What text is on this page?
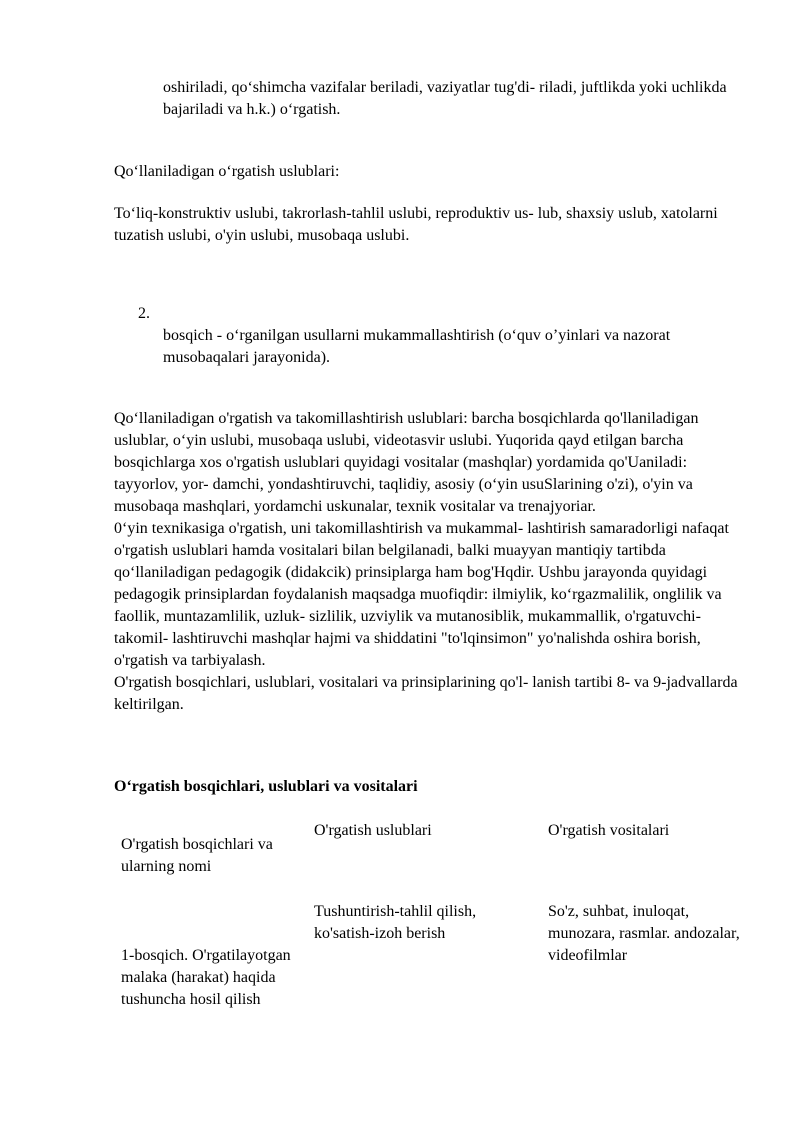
oshiriladi, qo‘shimcha vazifalar beriladi, vaziyatlar tug'di- riladi, juftlikda yoki uchlikda bajariladi va h.k.) o‘rgatish.

Qo‘llaniladigan o‘rgatish uslublari:

To‘liq-konstruktiv uslubi, takrorlash-tahlil uslubi, reproduktiv us- lub, shaxsiy uslub, xatolarni tuzatish uslubi, o'yin uslubi, musobaqa uslubi.

2.

bosqich - o‘rganilgan usullarni mukammallashtirish (o‘quv o’yinlari va nazorat musobaqalari jarayonida).

Qo‘llaniladigan o'rgatish va takomillashtirish uslublari: barcha bosqichlarda qo'llaniladigan uslublar, o‘yin uslubi, musobaqa uslubi, videotasvir uslubi. Yuqorida qayd etilgan barcha bosqichlarga xos o'rgatish uslublari quyidagi vositalar (mashqlar) yordamida qo'Uaniladi: tayyorlov, yor- damchi, yondashtiruvchi, taqlidiy, asosiy (o‘yin usuSlarining o'zi), o'yin va musobaqa mashqlari, yordamchi uskunalar, texnik vositalar va trenajyoriar.
0‘yin texnikasiga o'rgatish, uni takomillashtirish va mukammal- lashtirish samaradorligi nafaqat o'rgatish uslublari hamda vositalari bilan belgilanadi, balki muayyan mantiqiy tartibda qo‘llaniladigan pedagogik (didakcik) prinsiplarga ham bog'Hqdir. Ushbu jarayonda quyidagi pedagogik prinsiplardan foydalanish maqsadga muofiqdir: ilmiylik, ko‘rgazmalilik, onglilik va faollik, muntazamlilik, uzluk- sizlilik, uzviylik va mutanosiblik, mukammallik, o'rgatuvchi-takomil- lashtiruvchi mashqlar hajmi va shiddatini "to'lqinsimon" yo'nalishda oshira borish, o'rgatish va tarbiyalash.
O'rgatish bosqichlari, uslublari, vositalari va prinsiplarining qo'l- lanish tartibi 8- va 9-jadvallarda keltirilgan.

O‘rgatish bosqichlari, uslublari va vositalari

O'rgatish bosqichlari va ularning nomi

O'rgatish uslublari	O'rgatish vositalari

1-bosqich. O'rgatilayotgan malaka (harakat) haqida tushuncha hosil qilish

Tushuntirish-tahlil qilish, ko'satish-izoh berish

So'z, suhbat, inuloqat, munozara, rasmlar. andozalar, videofilmlar
